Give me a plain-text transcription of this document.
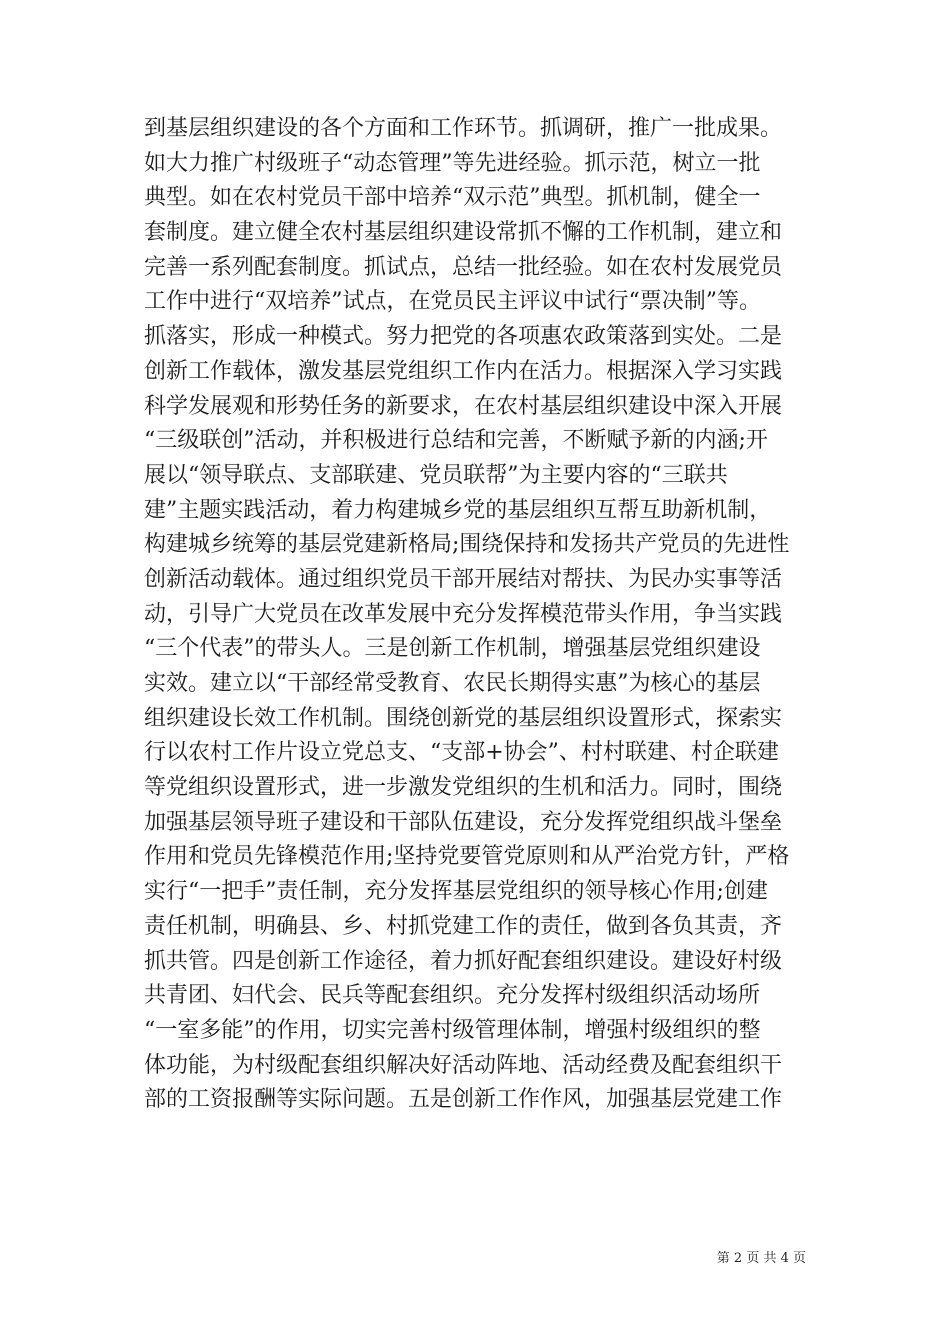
到基层组织建设的各个方面和工作环节。抓调研，推广一批成果。
如大力推广村级班子“动态管理”等先进经验。抓示范，树立一批
典型。如在农村党员干部中培养“双示范”典型。抓机制，健全一
套制度。建立健全农村基层组织建设常抓不懈的工作机制，建立和
完善一系列配套制度。抓试点，总结一批经验。如在农村发展党员
工作中进行“双培养”试点，在党员民主评议中试行“票决制”等。
抓落实，形成一种模式。努力把党的各项惠农政策落到实处。二是
创新工作载体，激发基层党组织工作内在活力。根据深入学习实践
科学发展观和形势任务的新要求，在农村基层组织建设中深入开展
“三级联创”活动，并积极进行总结和完善，不断赋予新的内涵;开
展以“领导联点、支部联建、党员联帮”为主要内容的“三联共
建”主题实践活动，着力构建城乡党的基层组织互帮互助新机制，
构建城乡统筹的基层党建新格局;围绕保持和发扬共产党员的先进性
创新活动载体。通过组织党员干部开展结对帮扶、为民办实事等活
动，引导广大党员在改革发展中充分发挥模范带头作用，争当实践
“三个代表”的带头人。三是创新工作机制，增强基层党组织建设
实效。建立以“干部经常受教育、农民长期得实惠”为核心的基层
组织建设长效工作机制。围绕创新党的基层组织设置形式，探索实
行以农村工作片设立党总支、“支部+协会”、村村联建、村企联建
等党组织设置形式，进一步激发党组织的生机和活力。同时，围绕
加强基层领导班子建设和干部队伍建设，充分发挥党组织战斗堡垒
作用和党员先锋模范作用;坚持党要管党原则和从严治党方针，严格
实行“一把手”责任制，充分发挥基层党组织的领导核心作用;创建
责任机制，明确县、乡、村抓党建工作的责任，做到各负其责，齐
抓共管。四是创新工作途径，着力抓好配套组织建设。建设好村级
共青团、妇代会、民兵等配套组织。充分发挥村级组织活动场所
“一室多能”的作用，切实完善村级管理体制，增强村级组织的整
体功能，为村级配套组织解决好活动阵地、活动经费及配套组织干
部的工资报酬等实际问题。五是创新工作作风，加强基层党建工作
第 2 页 共 4 页
